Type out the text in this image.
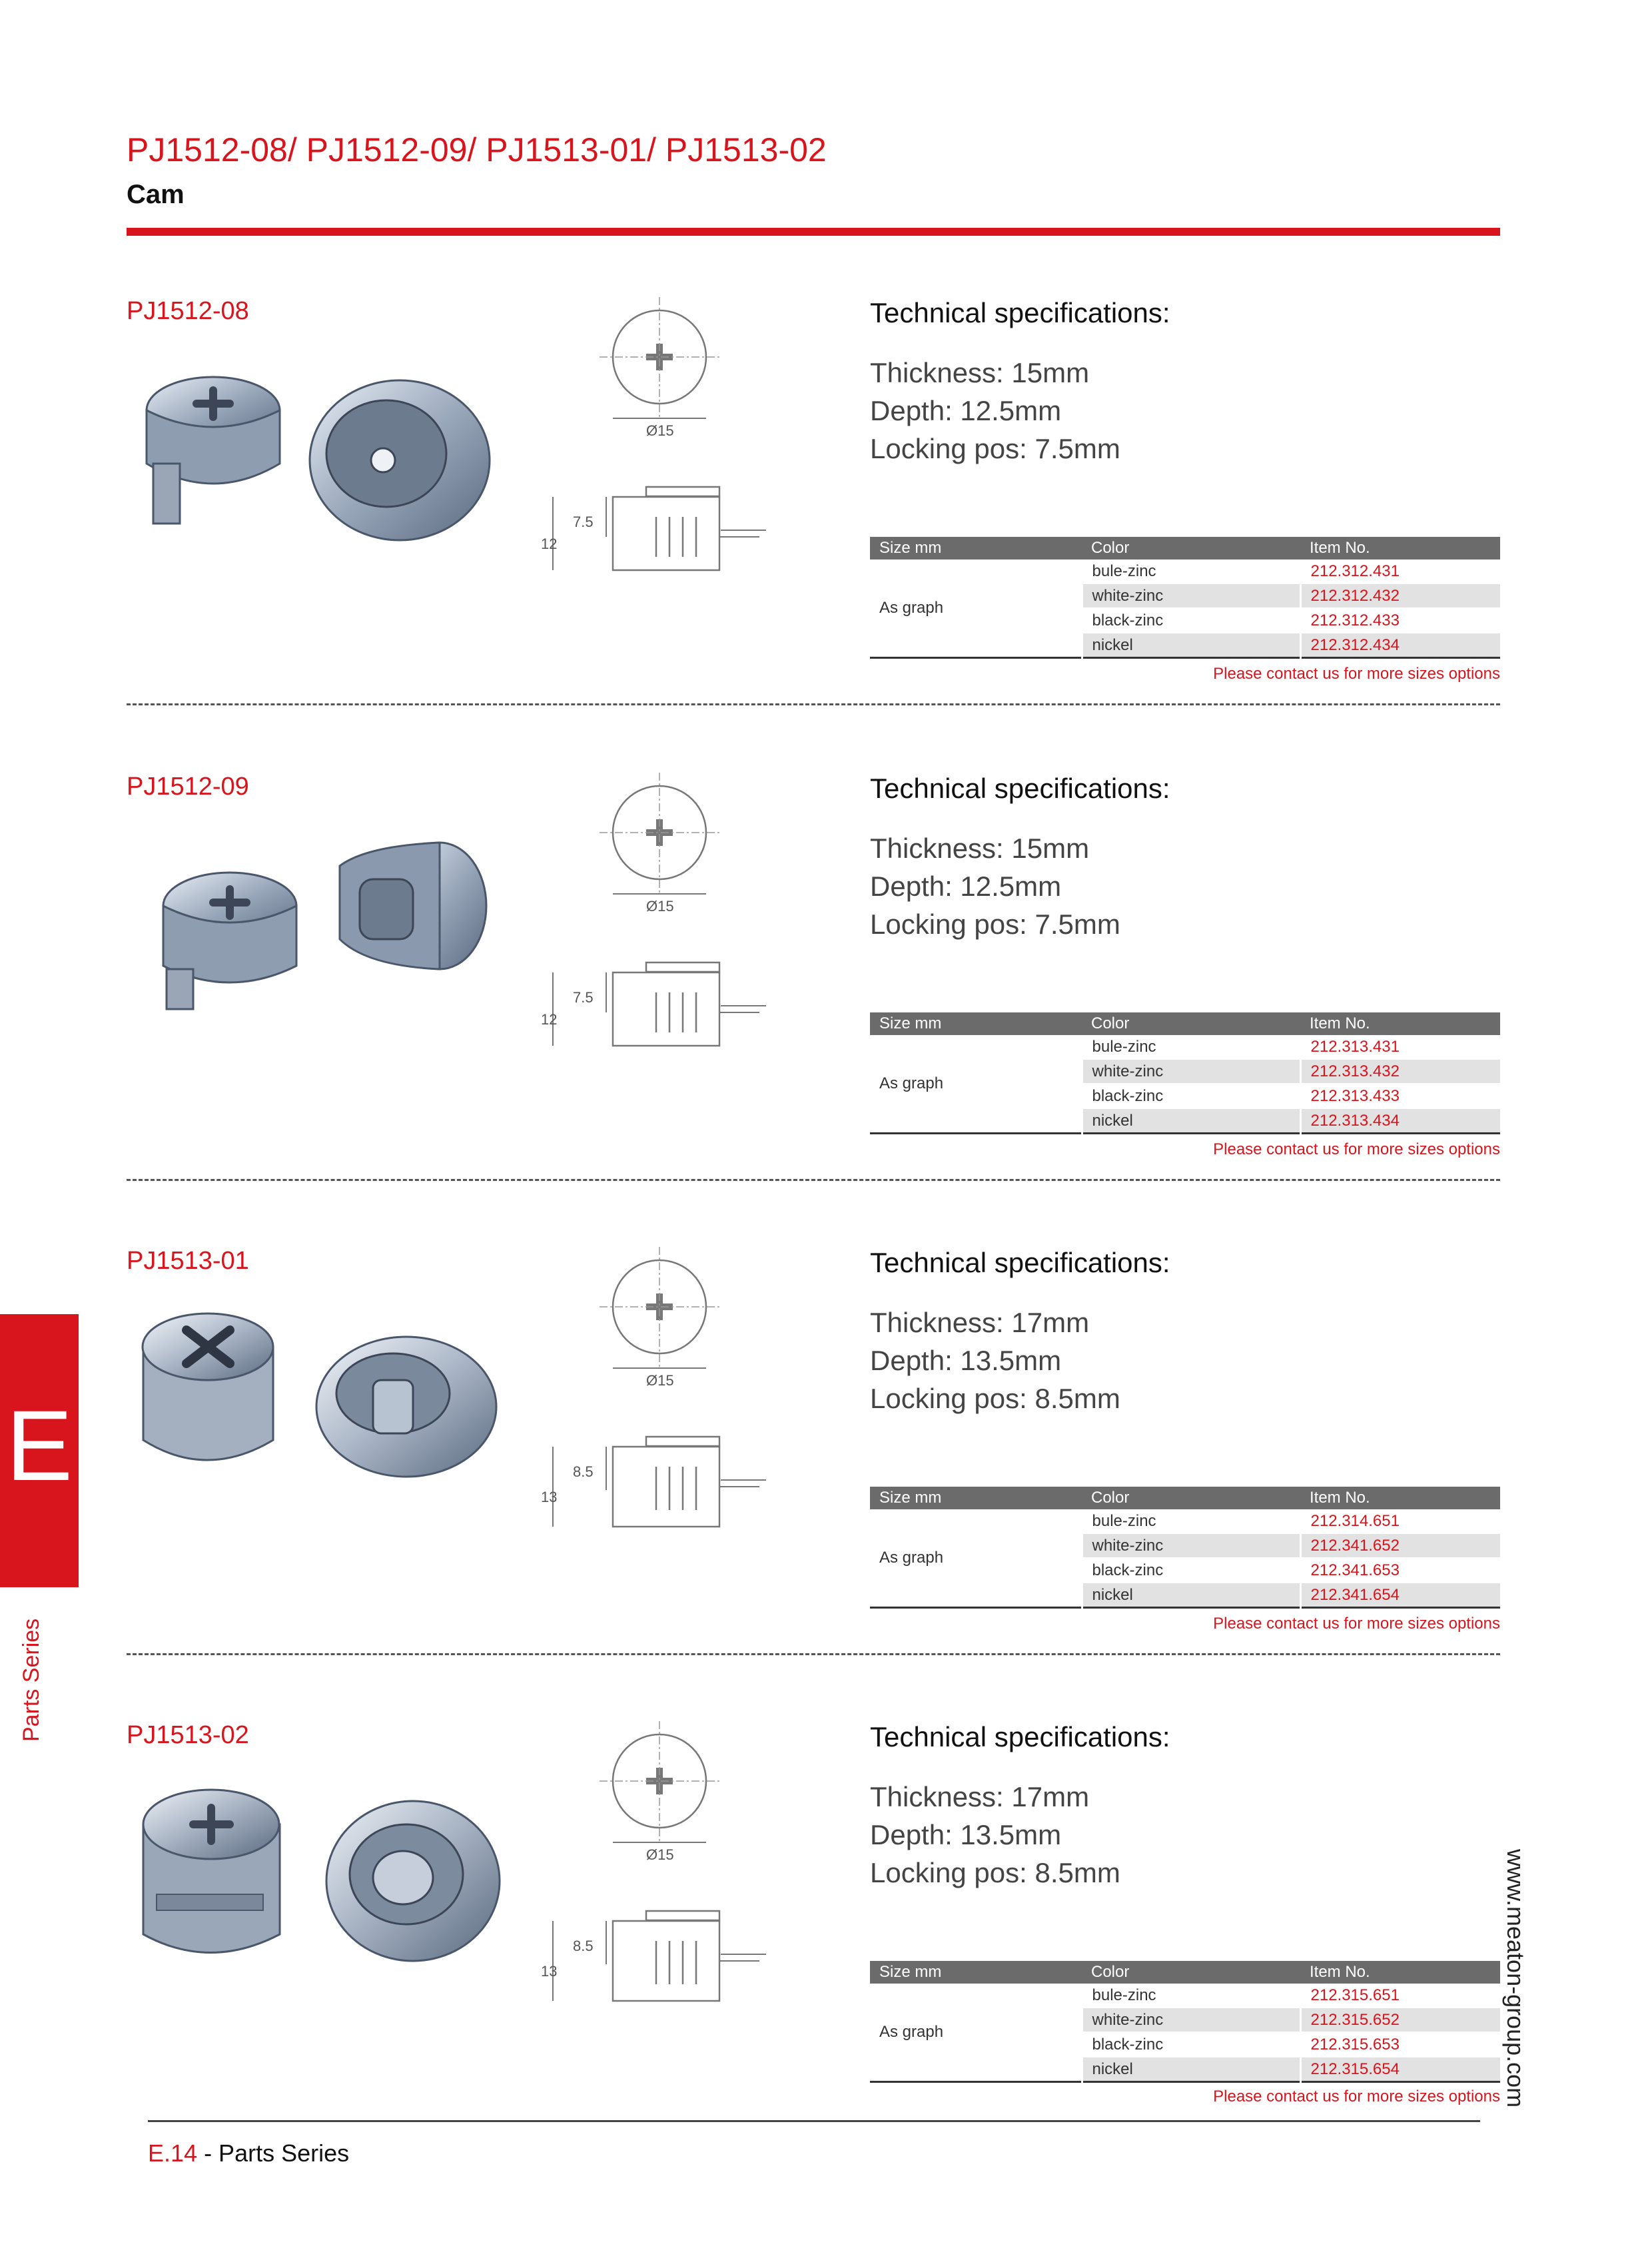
PJ1512-08/ PJ1512-09/ PJ1513-01/ PJ1513-02
Cam
PJ1512-08
Ø15
7.5
12
Technical specifications:
Thickness: 15mm
Depth: 12.5mm
Locking pos: 7.5mm
Size mm	Color	Item No.
As graph	bule-zinc	212.312.431
	white-zinc	212.312.432
	black-zinc	212.312.433
	nickel	212.312.434
Please contact us for more sizes options
PJ1512-09
Ø15
7.5
12
Technical specifications:
Thickness: 15mm
Depth: 12.5mm
Locking pos: 7.5mm
Size mm	Color	Item No.
As graph	bule-zinc	212.313.431
	white-zinc	212.313.432
	black-zinc	212.313.433
	nickel	212.313.434
Please contact us for more sizes options
PJ1513-01
Ø15
8.5
13
Technical specifications:
Thickness: 17mm
Depth: 13.5mm
Locking pos: 8.5mm
Size mm	Color	Item No.
As graph	bule-zinc	212.314.651
	white-zinc	212.341.652
	black-zinc	212.341.653
	nickel	212.341.654
Please contact us for more sizes options
PJ1513-02
Ø15
8.5
13
Technical specifications:
Thickness: 17mm
Depth: 13.5mm
Locking pos: 8.5mm
Size mm	Color	Item No.
As graph	bule-zinc	212.315.651
	white-zinc	212.315.652
	black-zinc	212.315.653
	nickel	212.315.654
Please contact us for more sizes options
E
Parts Series
www.meaton-group.com
E.14 - Parts Series
